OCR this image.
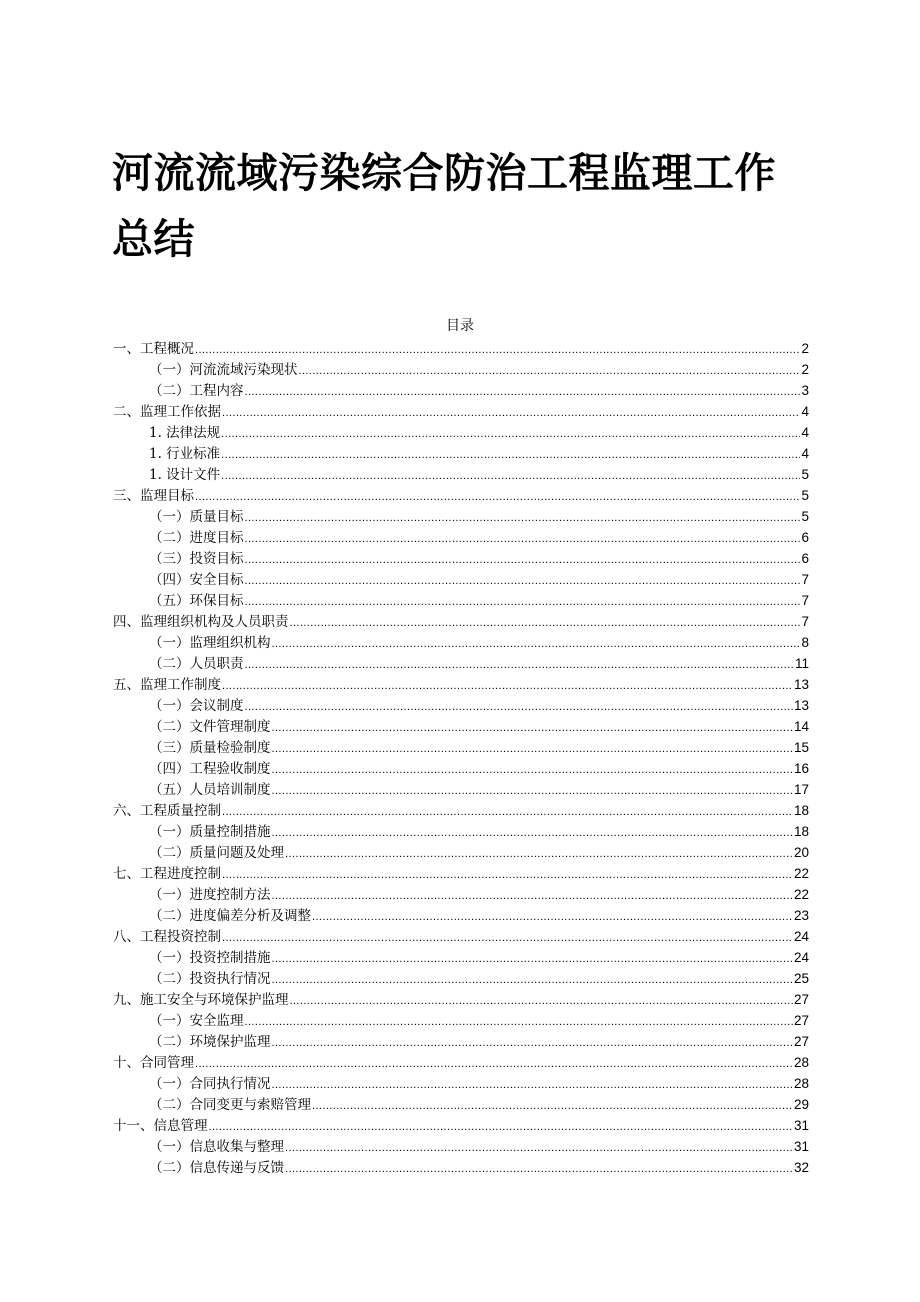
河流流域污染综合防治工程监理工作总结
目录
一、工程概况 .....	2
（一）河流流域污染现状 .....	2
（二）工程内容 .....	3
二、监理工作依据 .....	4
1. 法律法规 .....	4
1. 行业标准 .....	4
1. 设计文件 .....	5
三、监理目标 .....	5
（一）质量目标 .....	5
（二）进度目标 .....	6
（三）投资目标 .....	6
（四）安全目标 .....	7
（五）环保目标 .....	7
四、监理组织机构及人员职责 .....	7
（一）监理组织机构 .....	8
（二）人员职责 .....	11
五、监理工作制度 .....	13
（一）会议制度 .....	13
（二）文件管理制度 .....	14
（三）质量检验制度 .....	15
（四）工程验收制度 .....	16
（五）人员培训制度 .....	17
六、工程质量控制 .....	18
（一）质量控制措施 .....	18
（二）质量问题及处理 .....	20
七、工程进度控制 .....	22
（一）进度控制方法 .....	22
（二）进度偏差分析及调整 .....	23
八、工程投资控制 .....	24
（一）投资控制措施 .....	24
（二）投资执行情况 .....	25
九、施工安全与环境保护监理 .....	27
（一）安全监理 .....	27
（二）环境保护监理 .....	27
十、合同管理 .....	28
（一）合同执行情况 .....	28
（二）合同变更与索赔管理 .....	29
十一、信息管理 .....	31
（一）信息收集与整理 .....	31
（二）信息传递与反馈 .....	32
